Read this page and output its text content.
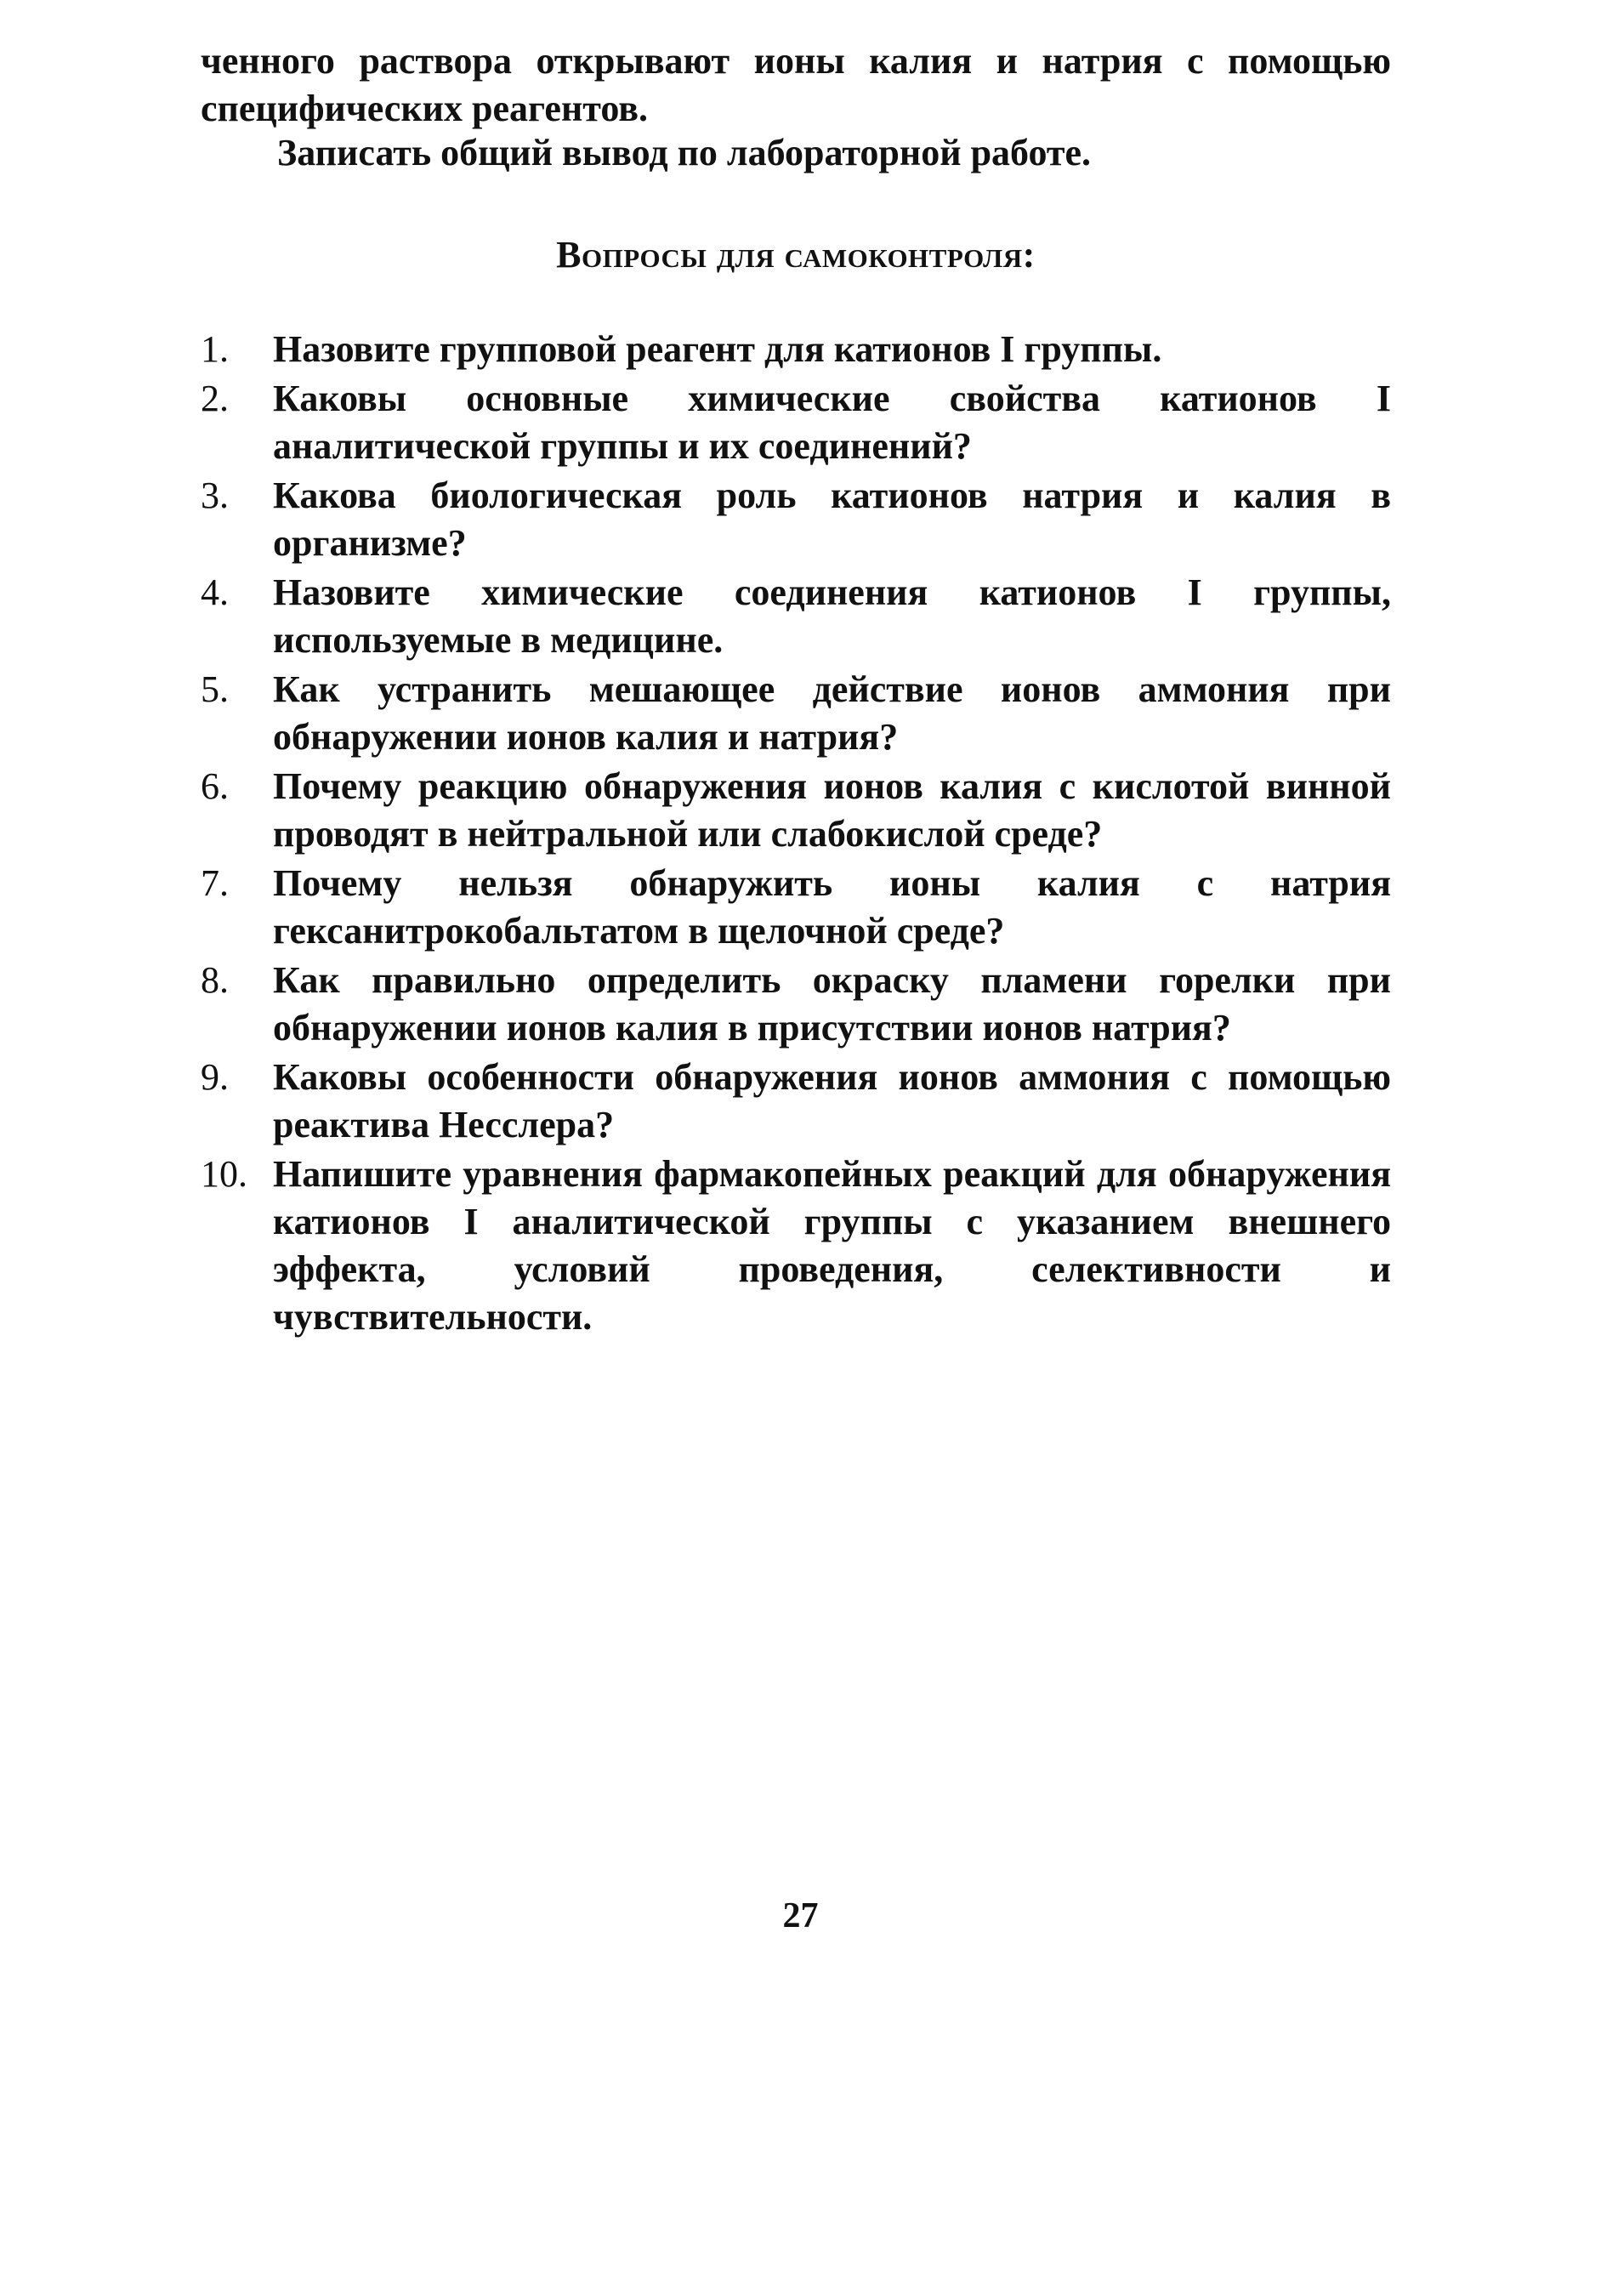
ченного раствора открывают ионы калия и натрия с помощью специфических реагентов.
Записать общий вывод по лабораторной работе.
Вопросы для самоконтроля:
1.	Назовите групповой реагент для катионов I группы.
2.	Каковы основные химические свойства катионов I аналитической группы и их соединений?
3.	Какова биологическая роль катионов натрия и калия в организме?
4.	Назовите химические соединения катионов I группы, используемые в медицине.
5.	Как устранить мешающее действие ионов аммония при обнаружении ионов калия и натрия?
6.	Почему реакцию обнаружения ионов калия с кислотой винной проводят в нейтральной или слабокислой среде?
7.	Почему нельзя обнаружить ионы калия с натрия гексанитрокобальтатом в щелочной среде?
8.	Как правильно определить окраску пламени горелки при обнаружении ионов калия в присутствии ионов натрия?
9.	Каковы особенности обнаружения ионов аммония с помощью реактива Несслера?
10. Напишите уравнения фармакопейных реакций для обнаружения катионов I аналитической группы с указанием внешнего эффекта, условий проведения, селективности и чувствительности.
27
